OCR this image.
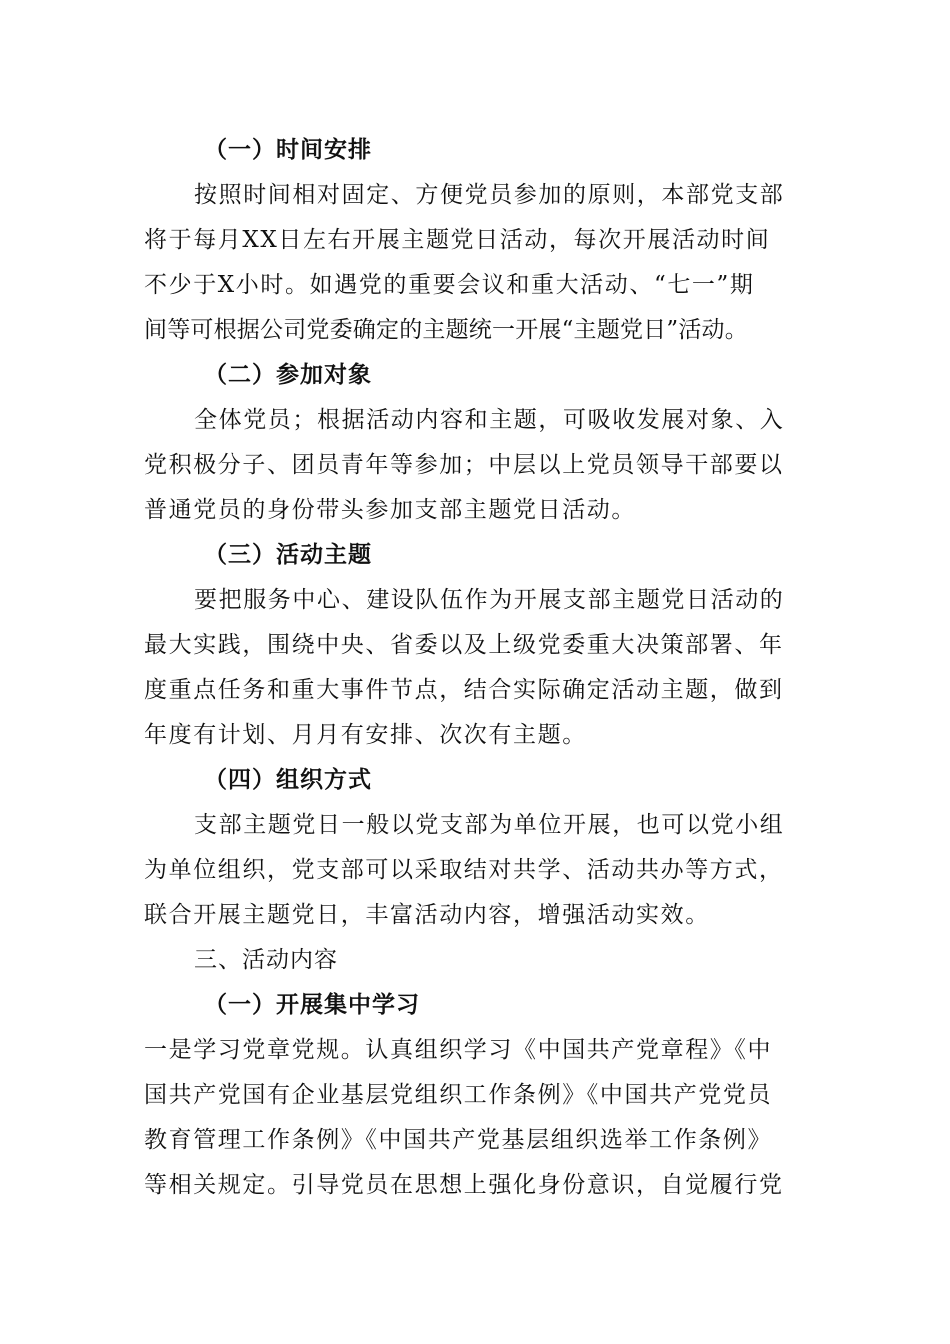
（一）时间安排
按照时间相对固定、方便党员参加的原则，本部党支部
将于每月XX日左右开展主题党日活动，每次开展活动时间
不少于X小时。如遇党的重要会议和重大活动、“七一”期
间等可根据公司党委确定的主题统一开展“主题党日”活动。
（二）参加对象
全体党员；根据活动内容和主题，可吸收发展对象、入
党积极分子、团员青年等参加；中层以上党员领导干部要以
普通党员的身份带头参加支部主题党日活动。
（三）活动主题
要把服务中心、建设队伍作为开展支部主题党日活动的
最大实践，围绕中央、省委以及上级党委重大决策部署、年
度重点任务和重大事件节点，结合实际确定活动主题，做到
年度有计划、月月有安排、次次有主题。
（四）组织方式
支部主题党日一般以党支部为单位开展，也可以党小组
为单位组织，党支部可以采取结对共学、活动共办等方式，
联合开展主题党日，丰富活动内容，增强活动实效。
三、活动内容
（一）开展集中学习
一是学习党章党规。认真组织学习《中国共产党章程》《中
国共产党国有企业基层党组织工作条例》《中国共产党党员
教育管理工作条例》《中国共产党基层组织选举工作条例》
等相关规定。引导党员在思想上强化身份意识，自觉履行党
